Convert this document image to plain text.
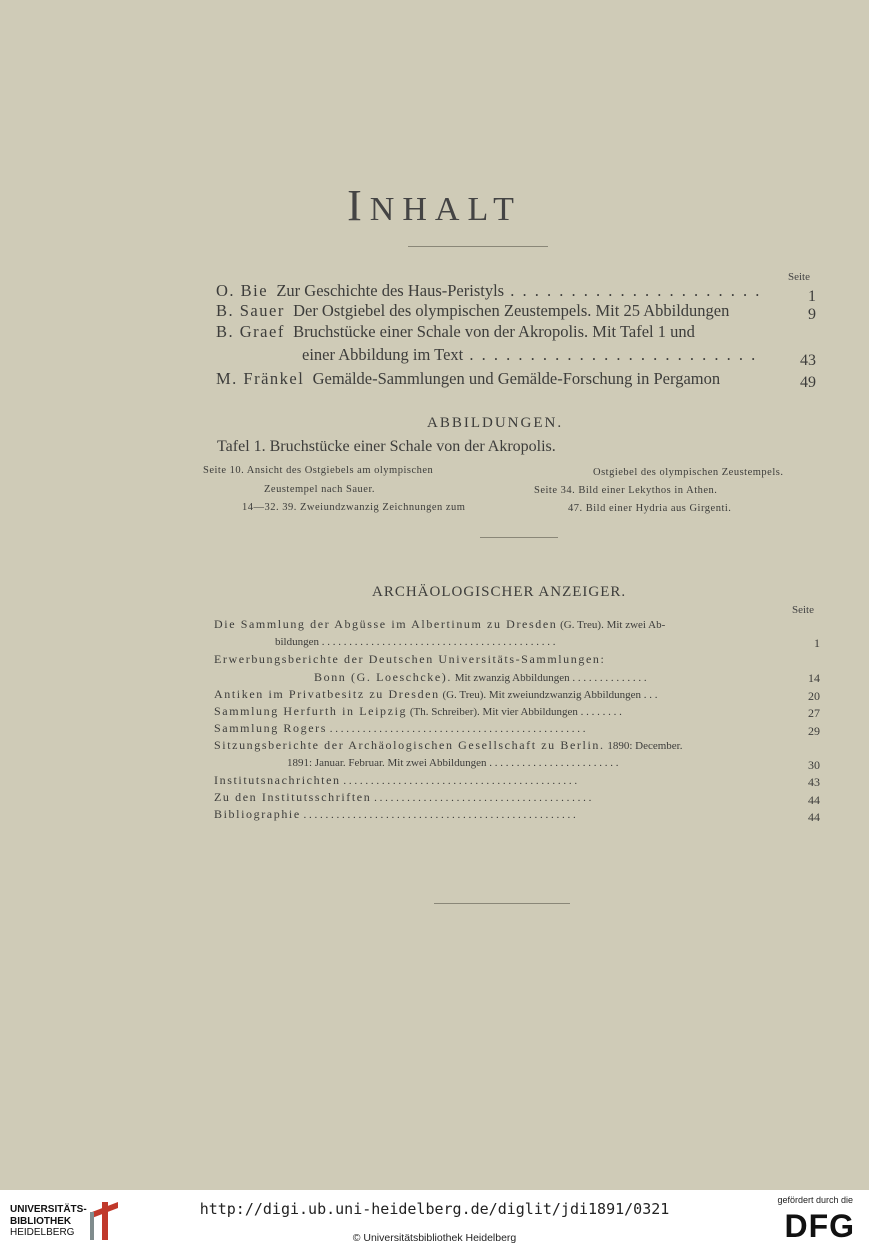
INHALT
Seite
O. Bie Zur Geschichte des Haus-Peristyls . . . . . . . . . . . . . . . . . . . . .	1
B. Sauer Der Ostgiebel des olympischen Zeustempels. Mit 25 Abbildungen	9
B. Graef Bruchstücke einer Schale von der Akropolis. Mit Tafel 1 und
einer Abbildung im Text . . . . . . . . . . . . . . . . . . . . . . . .	43
M. Fränkel Gemälde-Sammlungen und Gemälde-Forschung in Pergamon	49
ABBILDUNGEN.
Tafel 1. Bruchstücke einer Schale von der Akropolis.
Seite 10. Ansicht des Ostgiebels am olympischen
Zeustempel nach Sauer.
14—32. 39. Zweiundzwanzig Zeichnungen zum
Ostgiebel des olympischen Zeustempels.
Seite 34. Bild einer Lekythos in Athen.
47. Bild einer Hydria aus Girgenti.
ARCHÄOLOGISCHER ANZEIGER.
Seite
Die Sammlung der Abgüsse im Albertinum zu Dresden (G. Treu). Mit zwei Ab-
bildungen . . . . . . . . . . . . . . . . . . . . . . . . . . . . . . . . . . . . . . . . . . .	1
Erwerbungsberichte der Deutschen Universitäts-Sammlungen:
Bonn (G. Loeschcke). Mit zwanzig Abbildungen . . . . . . . . . . . . . .	14
Antiken im Privatbesitz zu Dresden (G. Treu). Mit zweiundzwanzig Abbildungen . . .	20
Sammlung Herfurth in Leipzig (Th. Schreiber). Mit vier Abbildungen . . . . . . . .	27
Sammlung Rogers . . . . . . . . . . . . . . . . . . . . . . . . . . . . . . . . . . . . . . . . . . . . . . .	29
Sitzungsberichte der Archäologischen Gesellschaft zu Berlin. 1890: December.
1891: Januar. Februar. Mit zwei Abbildungen . . . . . . . . . . . . . . . . . . . . . . . .	30
Institutsnachrichten . . . . . . . . . . . . . . . . . . . . . . . . . . . . . . . . . . . . . . . . . . .	43
Zu den Institutsschriften . . . . . . . . . . . . . . . . . . . . . . . . . . . . . . . . . . . . . . . .	44
Bibliographie . . . . . . . . . . . . . . . . . . . . . . . . . . . . . . . . . . . . . . . . . . . . . . . . . .	44
UNIVERSITÄTS-
BIBLIOTHEK
HEIDELBERG
http://digi.ub.uni-heidelberg.de/diglit/jdi1891/0321
© Universitätsbibliothek Heidelberg
gefördert durch die
DFG
